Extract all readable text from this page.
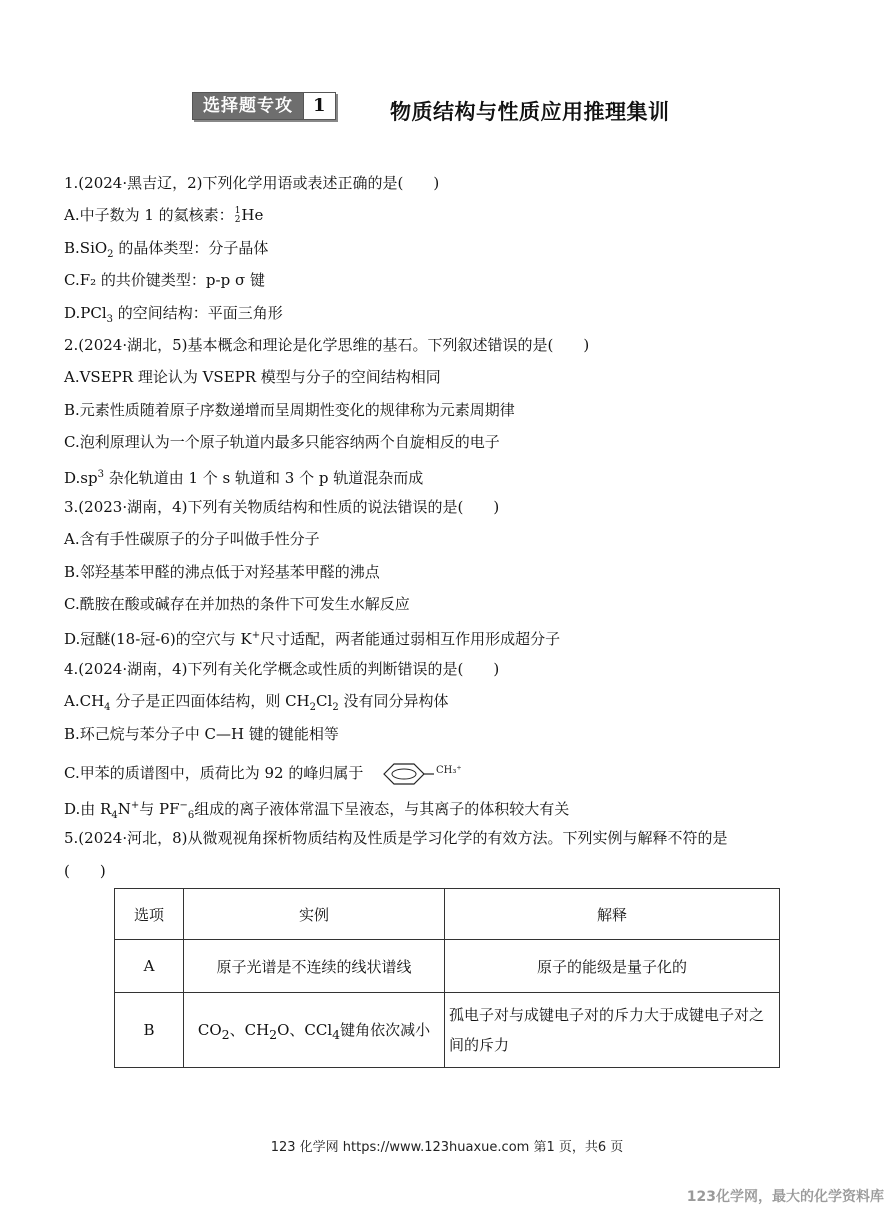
选择题专攻	1	物质结构与性质应用推理集训
1.(2024·黑吉辽，2)下列化学用语或表述正确的是( )
A.中子数为 1 的氦核素： 1
2 He
B.SiO$_2$ 的晶体类型：分子晶体
C.F₂ 的共价键类型：p-p σ 键
D.PCl$_3$ 的空间结构：平面三角形
2.(2024·湖北，5)基本概念和理论是化学思维的基石。下列叙述错误的是( )
A.VSEPR 理论认为 VSEPR 模型与分子的空间结构相同
B.元素性质随着原子序数递增而呈周期性变化的规律称为元素周期律
C.泡利原理认为一个原子轨道内最多只能容纳两个自旋相反的电子
$D.sp^3$ 杂化轨道由 1 个 s 轨道和 3 个 p 轨道混杂而成
3.(2023·湖南，4)下列有关物质结构和性质的说法错误的是( )
A.含有手性碳原子的分子叫做手性分子
B.邻羟基苯甲醛的沸点低于对羟基苯甲醛的沸点
C.酰胺在酸或碱存在并加热的条件下可发生水解反应
D.冠醚(18-冠-6)的空穴与 K+尺寸适配，两者能通过弱相互作用形成超分子
4.(2024·湖南，4)下列有关化学概念或性质的判断错误的是( )
$A.CH_4$ 分子是正四面体结构，则 $CH_2Cl_2$ 没有同分异构体
B.环己烷与苯分子中 C—H 键的键能相等
C.甲苯的质谱图中，质荷比为 92 的峰归属于	CH₃⁺
D.由 $R_4N^+$与 $PF^-_6$组成的离子液体常温下呈液态，与其离子的体积较大有关
5.(2024·河北，8)从微观视角探析物质结构及性质是学习化学的有效方法。下列实例与解释不符的是
(　　)
选项	实例	解释
A	原子光谱是不连续的线状谱线	原子的能级是量子化的
B	$CO_2$、$CH_2O$、CCl$_4$键角依次减小	孤电子对与成键电子对的斥力大于成键电子对之间的斥力
123 化学网 https://www.123huaxue.com 第1 页，共6 页
123化学网，最大的化学资料库
